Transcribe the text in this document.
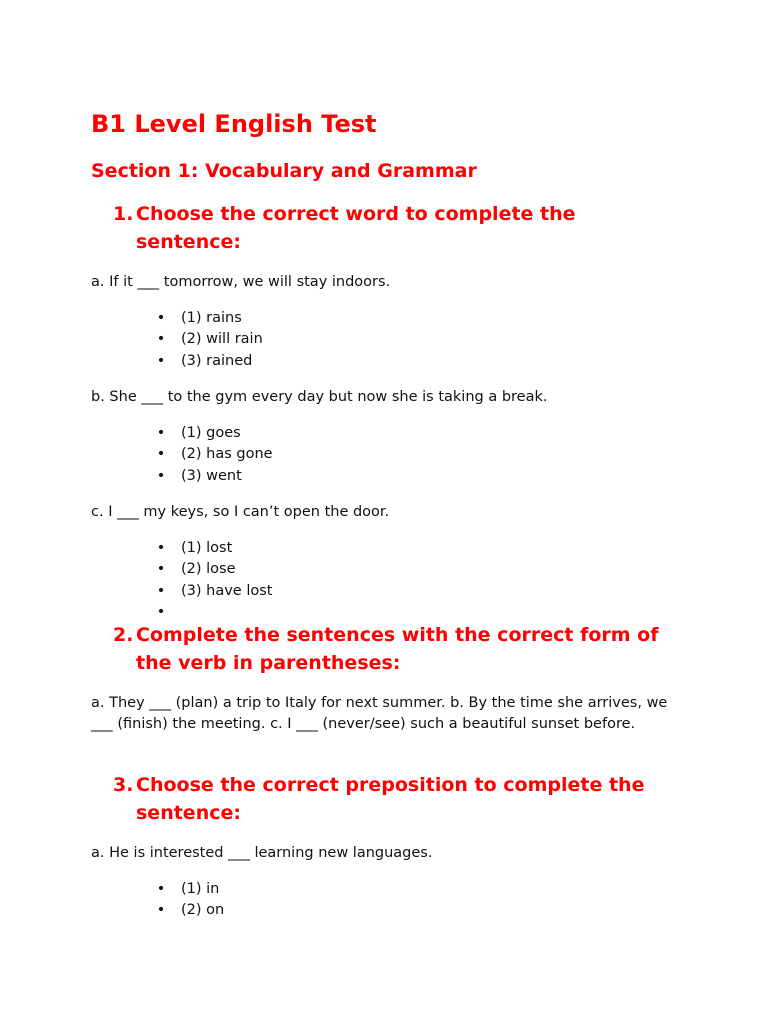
B1 Level English Test
Section 1: Vocabulary and Grammar
1. Choose the correct word to complete the sentence:

a. If it ___ tomorrow, we will stay indoors.

• (1) rains
• (2) will rain
• (3) rained

b. She ___ to the gym every day but now she is taking a break.

• (1) goes
• (2) has gone
• (3) went

c. I ___ my keys, so I can’t open the door.

• (1) lost
• (2) lose
• (3) have lost
•
2. Complete the sentences with the correct form of the verb in parentheses:

a. They ___ (plan) a trip to Italy for next summer. b. By the time she arrives, we ___ (finish) the meeting. c. I ___ (never/see) such a beautiful sunset before.

3. Choose the correct preposition to complete the sentence:

a. He is interested ___ learning new languages.

• (1) in
• (2) on
